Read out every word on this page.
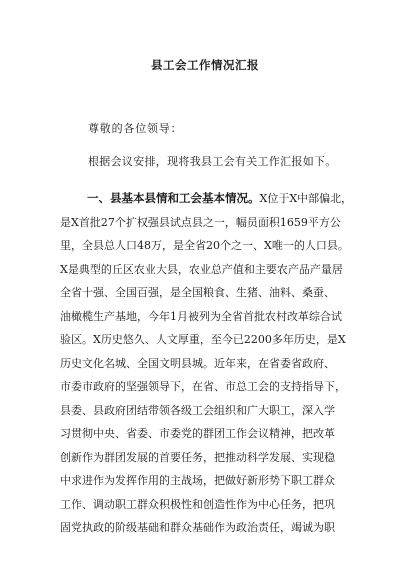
县工会工作情况汇报
尊敬的各位领导：
根据会议安排，现将我县工会有关工作汇报如下。
一、县基本县情和工会基本情况。X位于X中部偏北，
是X首批27个扩权强县试点县之一，幅员面积1659平方公
里，全县总人口48万，是全省20个之一、X唯一的人口县。
X是典型的丘区农业大县，农业总产值和主要农产品产量居
全省十强、全国百强，是全国粮食、生猪、油料、桑蚕、
油橄榄生产基地，今年1月被列为全省首批农村改革综合试
验区。X历史悠久、人文厚重，至今已2200多年历史，是X
历史文化名城、全国文明县城。近年来，在省委省政府、
市委市政府的坚强领导下，在省、市总工会的支持指导下，
县委、县政府团结带领各级工会组织和广大职工，深入学
习贯彻中央、省委、市委党的群团工作会议精神，把改革
创新作为群团发展的首要任务，把推动科学发展、实现稳
中求进作为发挥作用的主战场，把做好新形势下职工群众
工作、调动职工群众积极性和创造性作为中心任务，把巩
固党执政的阶级基础和群众基础作为政治责任，竭诚为职
